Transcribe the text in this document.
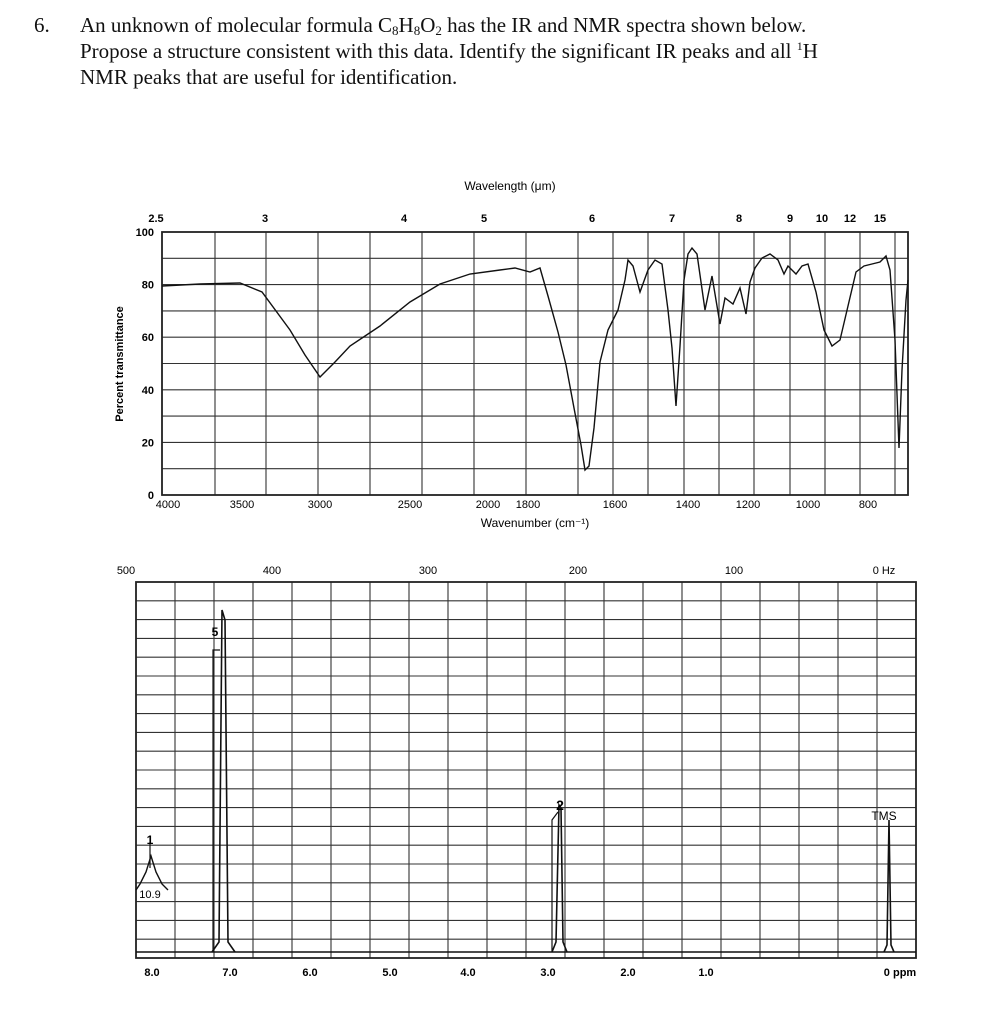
6. An unknown of molecular formula $C_8H_8O_2$ has the IR and NMR spectra shown below.
Propose a structure consistent with this data. Identify the significant IR peaks and all $^1$H
NMR peaks that are useful for identification.
Wavelength (μm)
2.5	3	4	5	6	7	8	9 10 12 15
100
80
60
40
20
0
4000	3500	3000	2500	2000 1800	1600	1400	1200	1000	800
Percent transmittance
Wavenumber (cm⁻¹)
500	400	300	200	100	0 Hz
8.0	7.0	6.0	5.0	4.0	3.0	2.0	1.0	0 ppm
5
1
2
10.9
TMS
